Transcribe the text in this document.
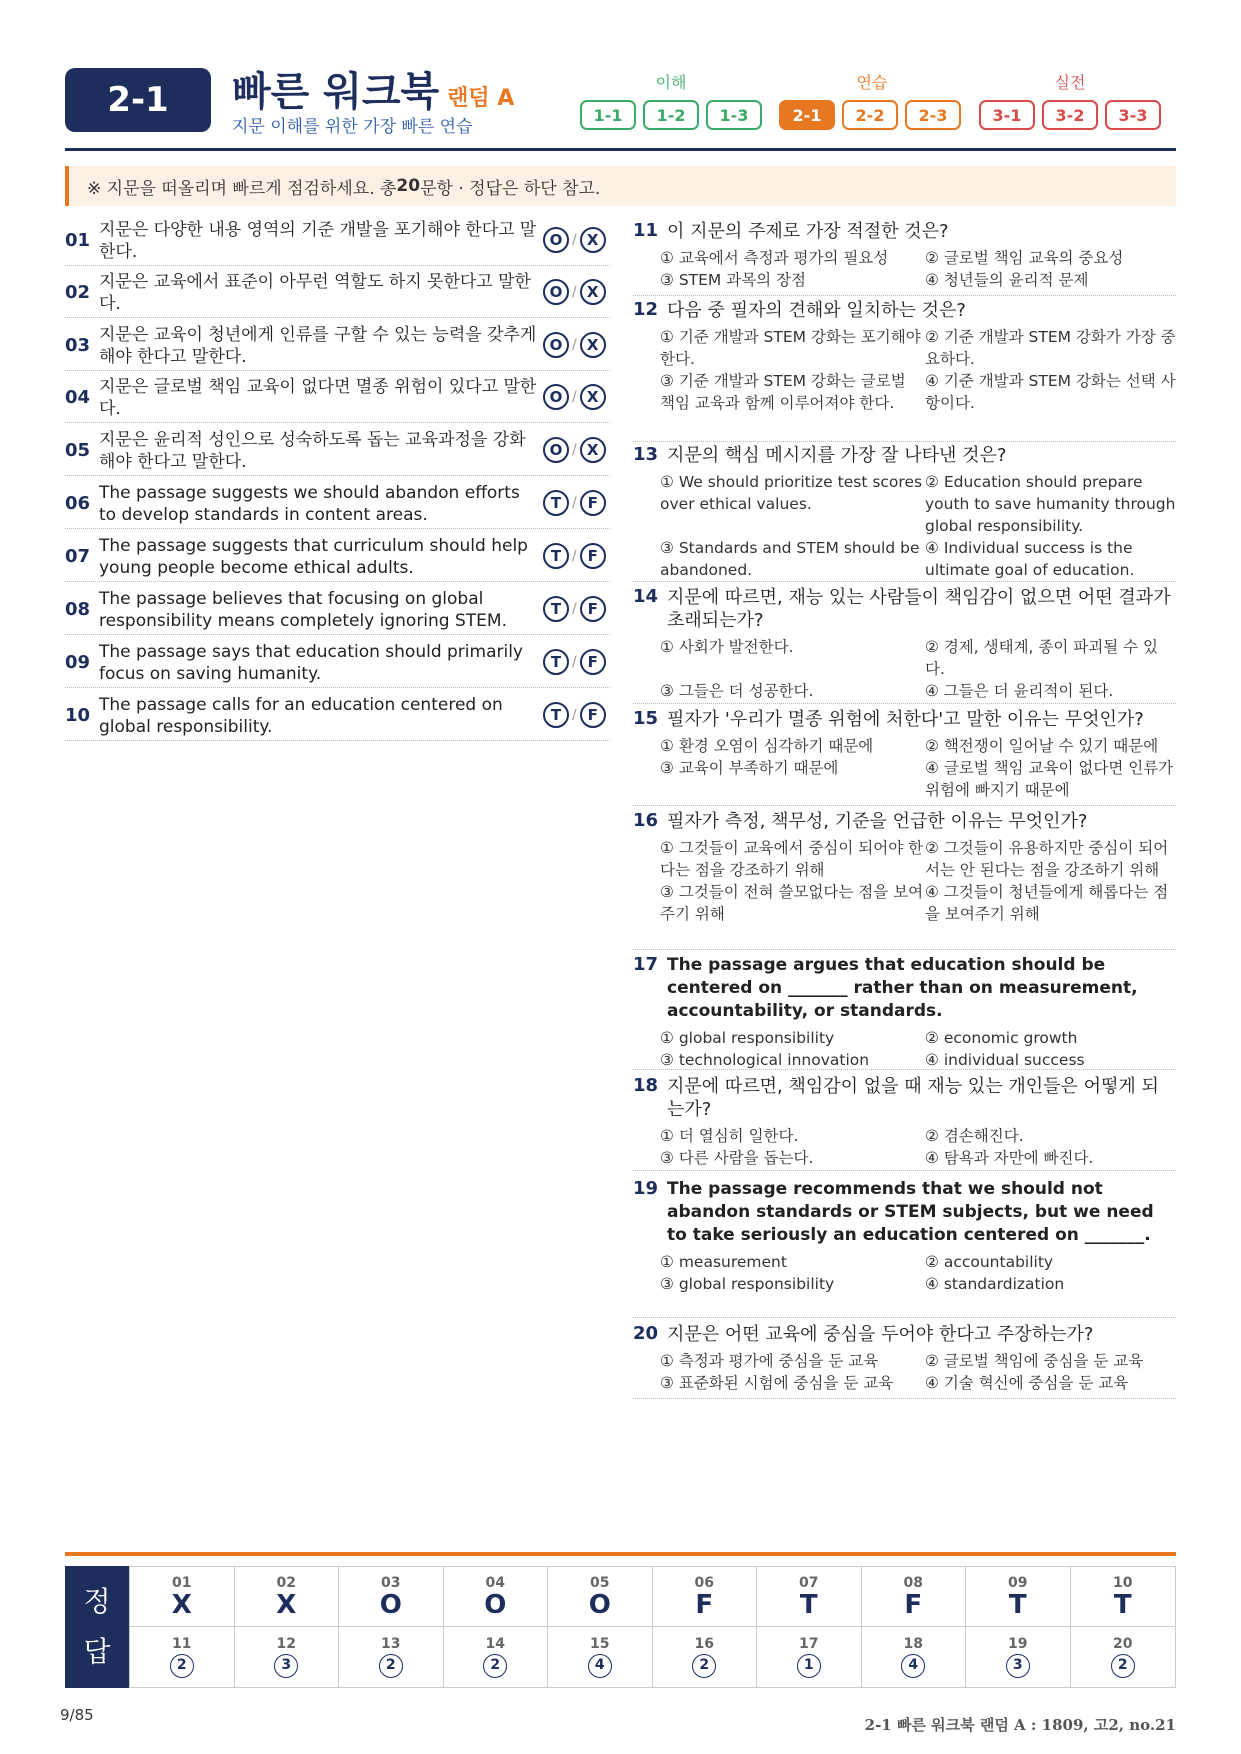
2-1	빠른 워크북 랜덤 A
지문 이해를 위한 가장 빠른 연습
이해	연습	실전
1-1	1-2	1-3	2-1	2-2	2-3	3-1	3-2	3-3
※ 지문을 떠올리며 빠르게 점검하세요. 총 20 문항 · 정답은 하단 참고.
01 지문은 다양한 내용 영역의 기준 개발을 포기해야 한다고 말한다.
O / X
02 지문은 교육에서 표준이 아무런 역할도 하지 못한다고 말한다.
O / X
03 지문은 교육이 청년에게 인류를 구할 수 있는 능력을 갖추게 해야 한다고 말한다.
O / X
04 지문은 글로벌 책임 교육이 없다면 멸종 위험이 있다고 말한다.
O / X
05 지문은 윤리적 성인으로 성숙하도록 돕는 교육과정을 강화해야 한다고 말한다.
O / X
06 The passage suggests we should abandon efforts to develop standards in content areas.
T / F
07 The passage suggests that curriculum should help young people become ethical adults.
T / F
08 The passage believes that focusing on global responsibility means completely ignoring STEM.
T / F
09 The passage says that education should primarily focus on saving humanity.
T / F
10 The passage calls for an education centered on global responsibility.
T / F
11 이 지문의 주제로 가장 적절한 것은?
① 교육에서 측정과 평가의 필요성	② 글로벌 책임 교육의 중요성
③ STEM 과목의 장점	④ 청년들의 윤리적 문제
12 다음 중 필자의 견해와 일치하는 것은?
① 기준 개발과 STEM 강화는 포기해야 한다.
② 기준 개발과 STEM 강화가 가장 중요하다.
③ 기준 개발과 STEM 강화는 글로벌 책임 교육과 함께 이루어져야 한다.
④ 기준 개발과 STEM 강화는 선택 사항이다.
13 지문의 핵심 메시지를 가장 잘 나타낸 것은?
① We should prioritize test scores over ethical values.
② Education should prepare youth to save humanity through global responsibility.
③ Standards and STEM should be abandoned.
④ Individual success is the ultimate goal of education.
14 지문에 따르면, 재능 있는 사람들이 책임감이 없으면 어떤 결과가 초래되는가?
① 사회가 발전한다.	② 경제, 생태계, 종이 파괴될 수 있다.
③ 그들은 더 성공한다.	④ 그들은 더 윤리적이 된다.
15 필자가 '우리가 멸종 위험에 처한다'고 말한 이유는 무엇인가?
① 환경 오염이 심각하기 때문에	② 핵전쟁이 일어날 수 있기 때문에
③ 교육이 부족하기 때문에	④ 글로벌 책임 교육이 없다면 인류가 위험에 빠지기 때문에
16 필자가 측정, 책무성, 기준을 언급한 이유는 무엇인가?
① 그것들이 교육에서 중심이 되어야 한다는 점을 강조하기 위해
② 그것들이 유용하지만 중심이 되어서는 안 된다는 점을 강조하기 위해
③ 그것들이 전혀 쓸모없다는 점을 보여주기 위해
④ 그것들이 청년들에게 해롭다는 점을 보여주기 위해
17 The passage argues that education should be centered on _______ rather than on measurement, accountability, or standards.
① global responsibility	② economic growth
③ technological innovation	④ individual success
18 지문에 따르면, 책임감이 없을 때 재능 있는 개인들은 어떻게 되는가?
① 더 열심히 일한다.	② 겸손해진다.
③ 다른 사람을 돕는다.	④ 탐욕과 자만에 빠진다.
19 The passage recommends that we should not abandon standards or STEM subjects, but we need to take seriously an education centered on _______.
① measurement	② accountability
③ global responsibility	④ standardization
20 지문은 어떤 교육에 중심을 두어야 한다고 주장하는가?
① 측정과 평가에 중심을 둔 교육	② 글로벌 책임에 중심을 둔 교육
③ 표준화된 시험에 중심을 둔 교육	④ 기술 혁신에 중심을 둔 교육
정
답
01
X
02
X
03
O
04
O
05
O
06
F
07
T
08
F
09
T
10
T
11
2
12
3
13
2
14
2
15
4
16
2
17
1
18
4
19
3
20
2
9/85
2-1 빠른 워크북 랜덤 A : 1809, 고2, no.21
